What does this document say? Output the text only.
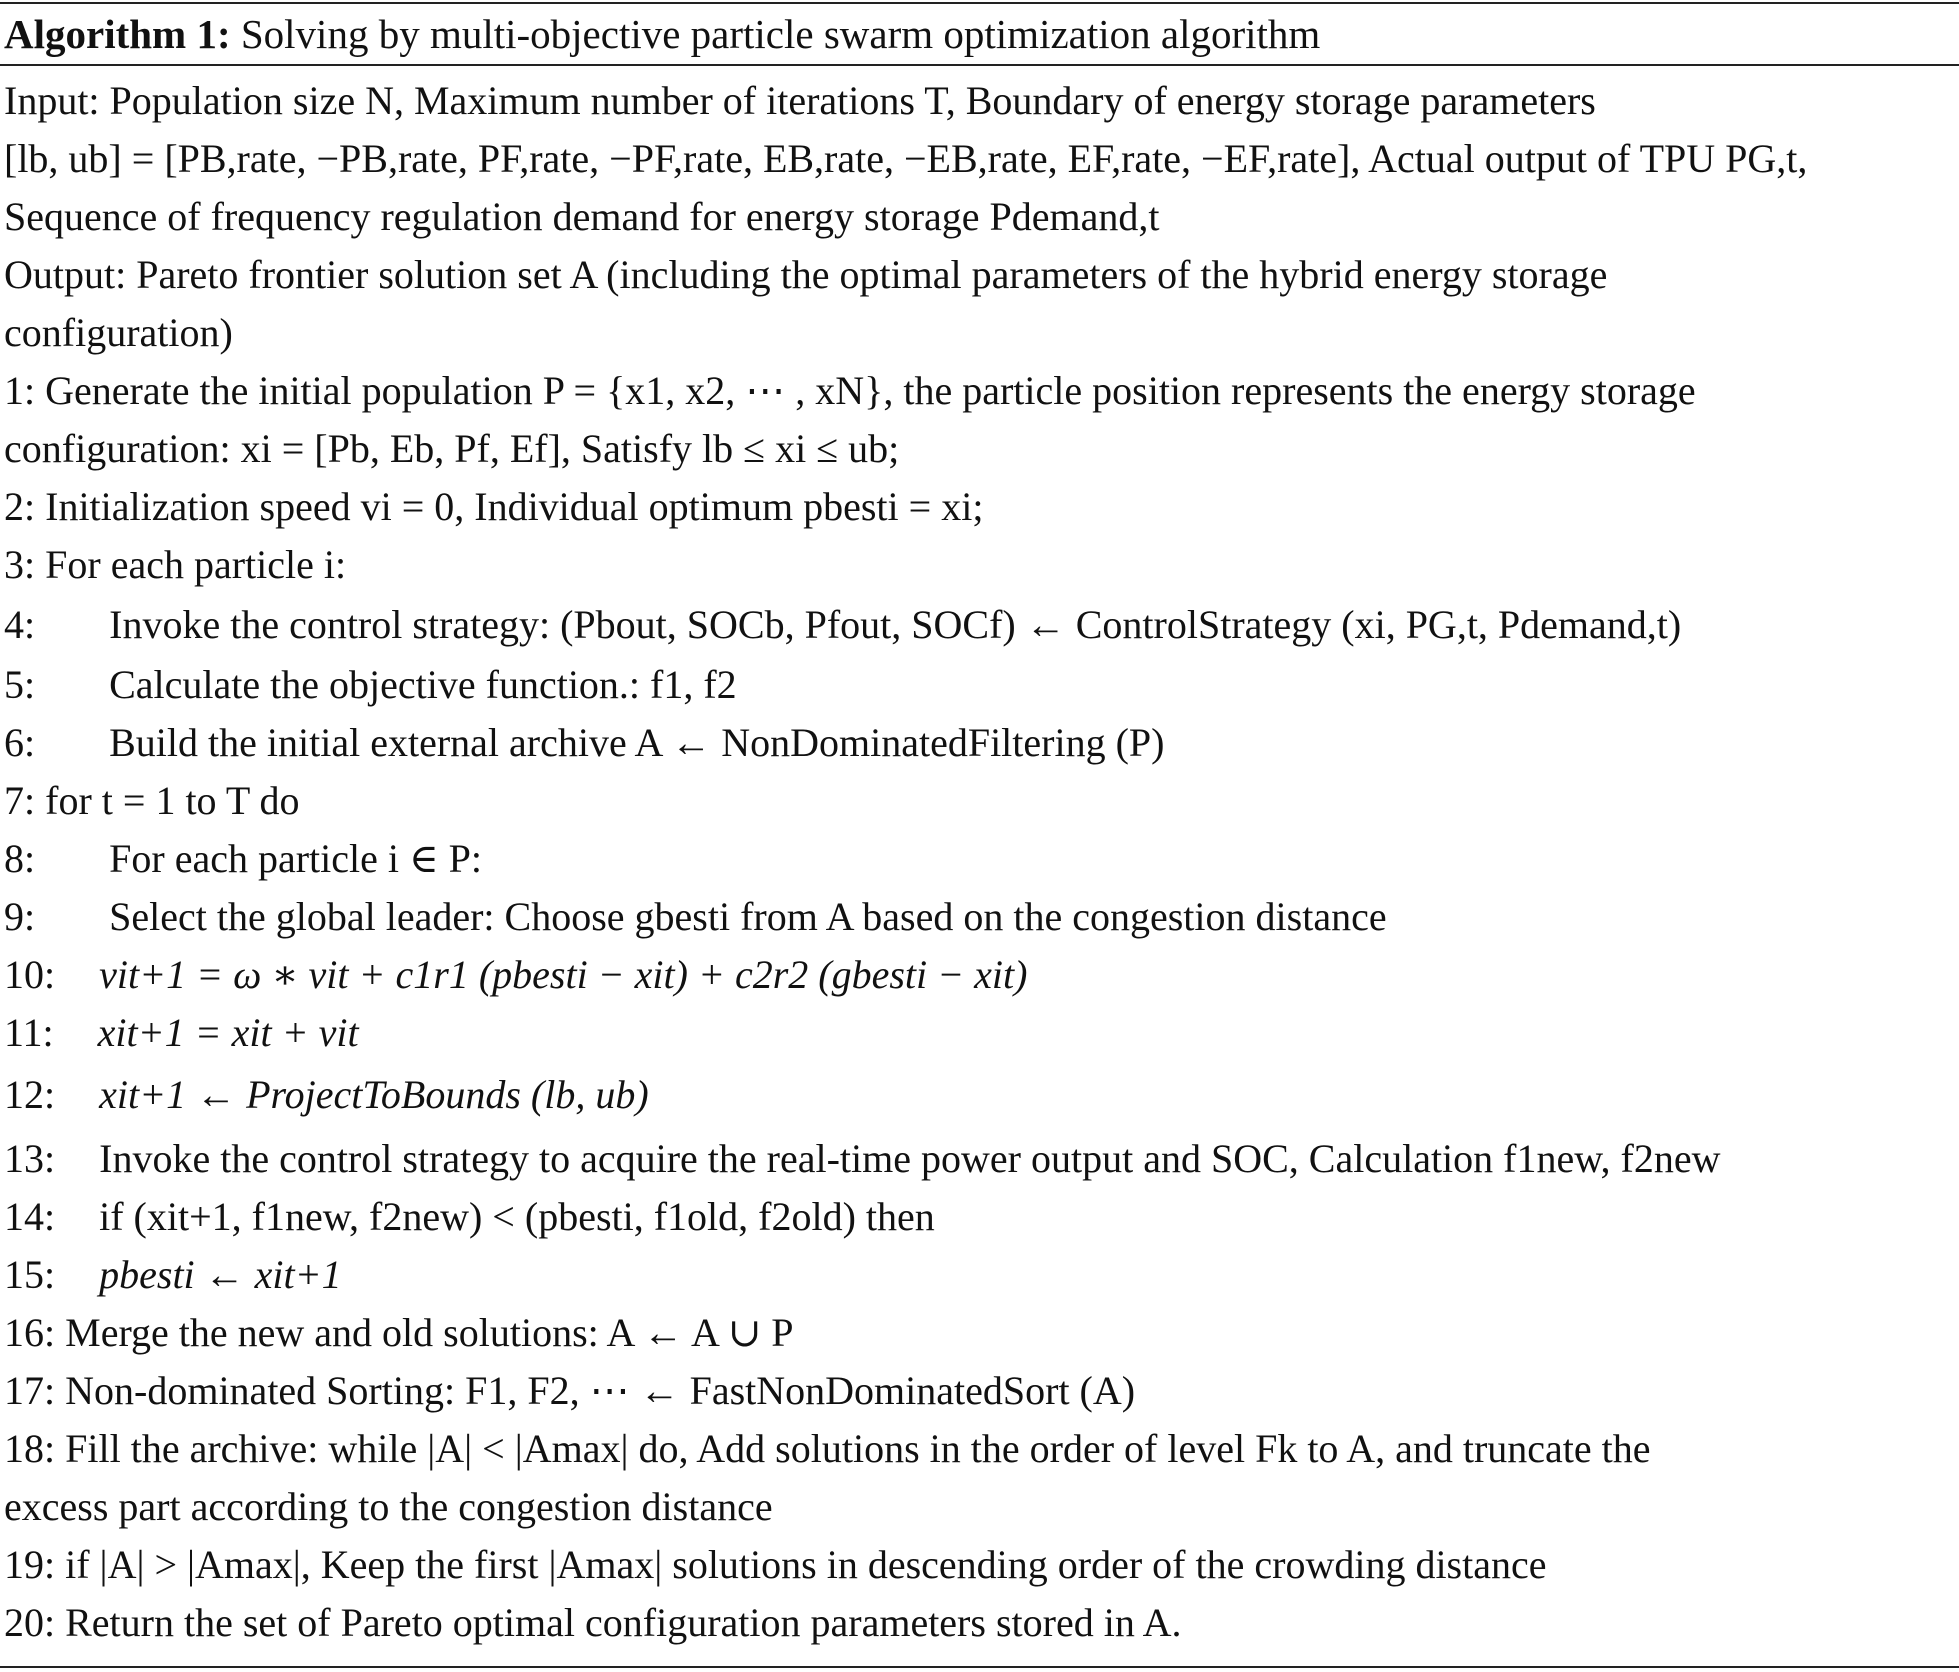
Algorithm 1: Solving by multi-objective particle swarm optimization algorithm
Input: Population size N, Maximum number of iterations T, Boundary of energy storage parameters
[lb, ub] = [PB,rate, −PB,rate, PF,rate, −PF,rate, EB,rate, −EB,rate, EF,rate, −EF,rate], Actual output of TPU PG,t,
Sequence of frequency regulation demand for energy storage Pdemand,t
Output: Pareto frontier solution set A (including the optimal parameters of the hybrid energy storage
configuration)
1: Generate the initial population P = {x1, x2, ⋯ , xN}, the particle position represents the energy storage
configuration: xi = [Pb, Eb, Pf, Ef], Satisfy lb ≤ xi ≤ ub;
2: Initialization speed vi = 0, Individual optimum pbesti = xi;
3: For each particle i:
4: Invoke the control strategy: (Pbout, SOCb, Pfout, SOCf) ← ControlStrategy (xi, PG,t, Pdemand,t)
5: Calculate the objective function.: f1, f2
6: Build the initial external archive A ← NonDominatedFiltering (P)
7: for t = 1 to T do
8: For each particle i ∈ P:
9: Select the global leader: Choose gbesti from A based on the congestion distance
10: vit+1 = ω ∗ vit + c1r1 (pbesti − xit) + c2r2 (gbesti − xit)
11: xit+1 = xit + vit
12: xit+1 ← ProjectToBounds (lb, ub)
13: Invoke the control strategy to acquire the real-time power output and SOC, Calculation f1new, f2new
14: if (xit+1, f1new, f2new) < (pbesti, f1old, f2old) then
15: pbesti ← xit+1
16: Merge the new and old solutions: A ← A ∪ P
17: Non-dominated Sorting: F1, F2, ⋯ ← FastNonDominatedSort (A)
18: Fill the archive: while |A| < |Amax| do, Add solutions in the order of level Fk to A, and truncate the
excess part according to the congestion distance
19: if |A| > |Amax|, Keep the first |Amax| solutions in descending order of the crowding distance
20: Return the set of Pareto optimal configuration parameters stored in A.
